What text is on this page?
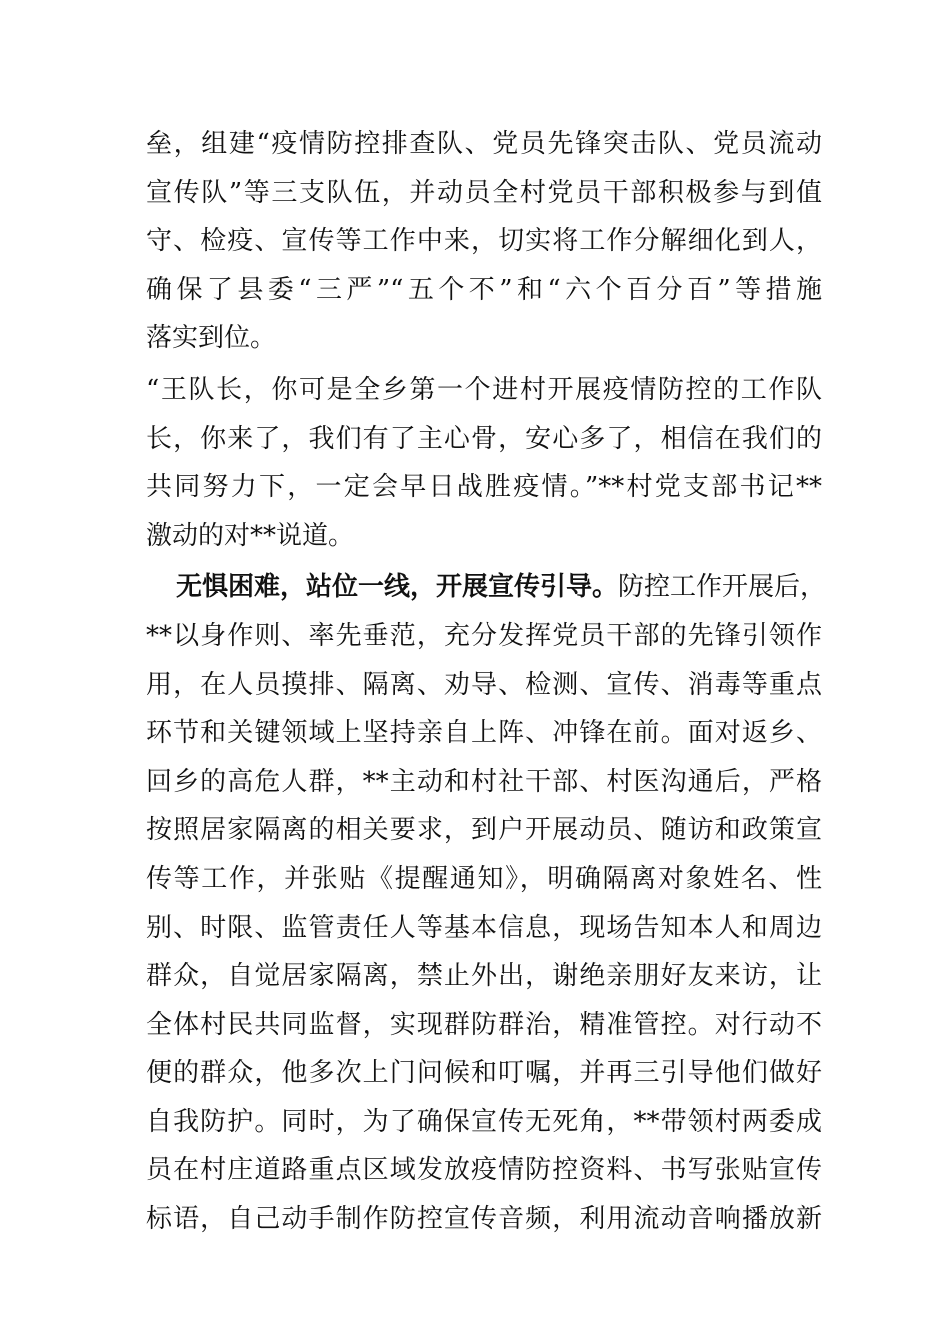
垒，组建“疫情防控排查队、党员先锋突击队、党员流动
宣传队”等三支队伍，并动员全村党员干部积极参与到值
守、检疫、宣传等工作中来，切实将工作分解细化到人，
确保了县委“三严”“五个不”和“六个百分百”等措施
落实到位。
“王队长，你可是全乡第一个进村开展疫情防控的工作队
长，你来了，我们有了主心骨，安心多了，相信在我们的
共同努力下，一定会早日战胜疫情。”**村党支部书记**
激动的对**说道。
无惧困难，站位一线，开展宣传引导。防控工作开展后，
**以身作则、率先垂范，充分发挥党员干部的先锋引领作
用，在人员摸排、隔离、劝导、检测、宣传、消毒等重点
环节和关键领域上坚持亲自上阵、冲锋在前。面对返乡、
回乡的高危人群，**主动和村社干部、村医沟通后，严格
按照居家隔离的相关要求，到户开展动员、随访和政策宣
传等工作，并张贴《提醒通知》，明确隔离对象姓名、性
别、时限、监管责任人等基本信息，现场告知本人和周边
群众，自觉居家隔离，禁止外出，谢绝亲朋好友来访，让
全体村民共同监督，实现群防群治，精准管控。对行动不
便的群众，他多次上门问候和叮嘱，并再三引导他们做好
自我防护。同时，为了确保宣传无死角，**带领村两委成
员在村庄道路重点区域发放疫情防控资料、书写张贴宣传
标语，自己动手制作防控宣传音频，利用流动音响播放新
